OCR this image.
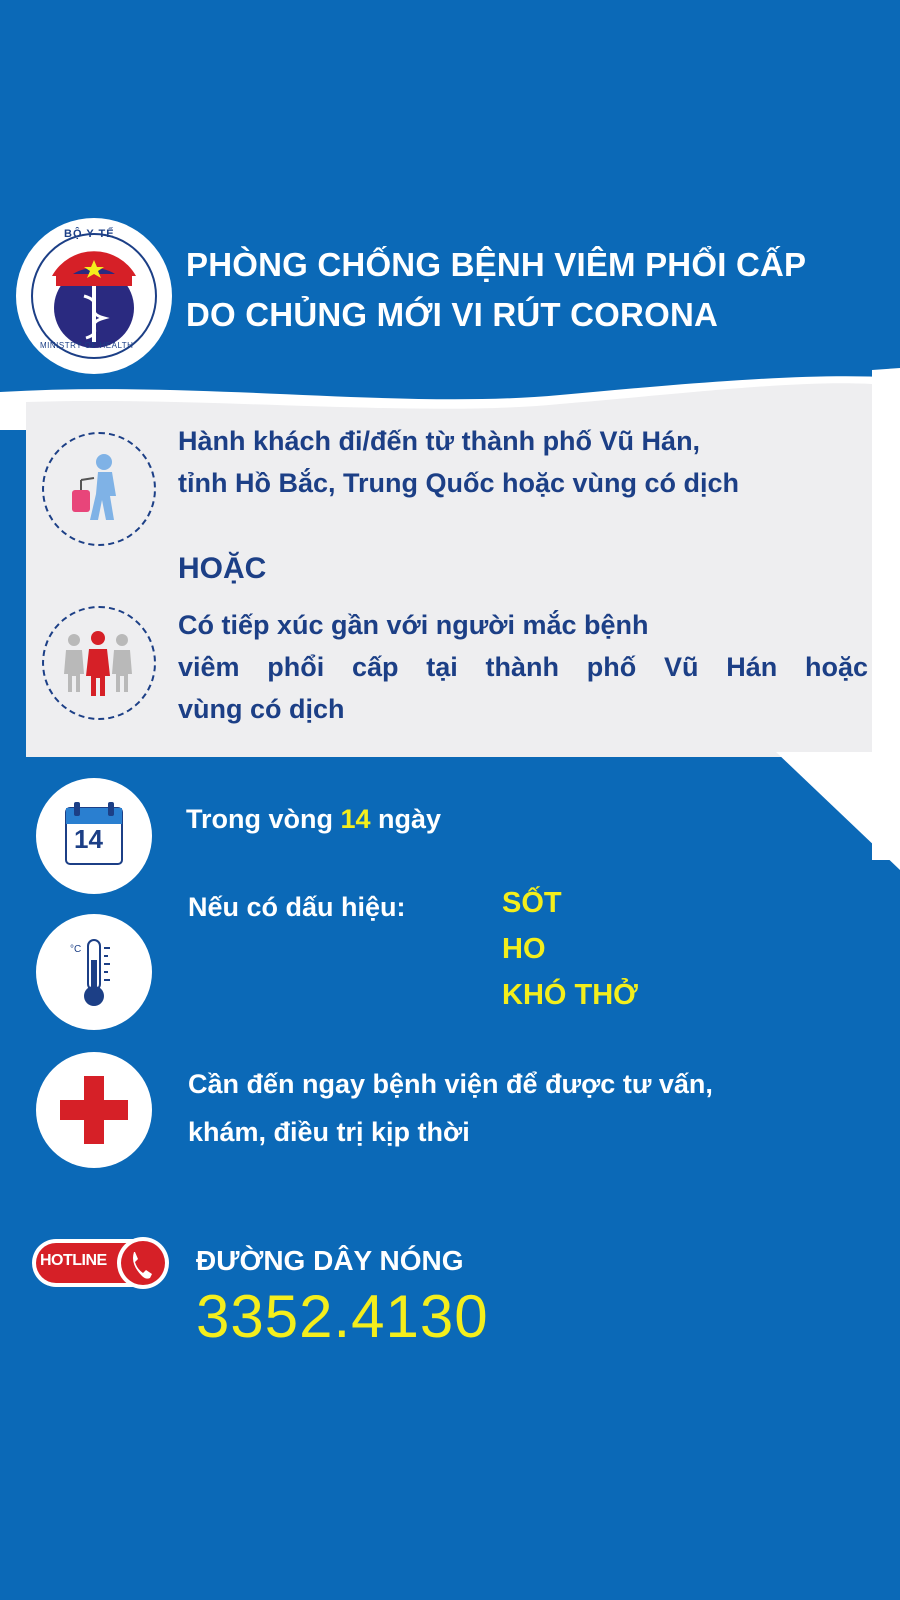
BỘ Y TẾ
MINISTRY OF HEALTH
PHÒNG CHỐNG BỆNH VIÊM PHỔI CẤP
DO CHỦNG MỚI VI RÚT CORONA
Hành khách đi/đến từ thành phố Vũ Hán,
tỉnh Hồ Bắc, Trung Quốc hoặc vùng có dịch
HOẶC
Có tiếp xúc gần với người mắc bệnh
viêm phổi cấp tại thành phố Vũ Hán hoặc
vùng có dịch
14
Trong vòng 14 ngày
°C
Nếu có dấu hiệu:	SỐT
HO
KHÓ THỞ
Cần đến ngay bệnh viện để được tư vấn,
khám, điều trị kịp thời
HOTLINE	ĐƯỜNG DÂY NÓNG
3352.4130
